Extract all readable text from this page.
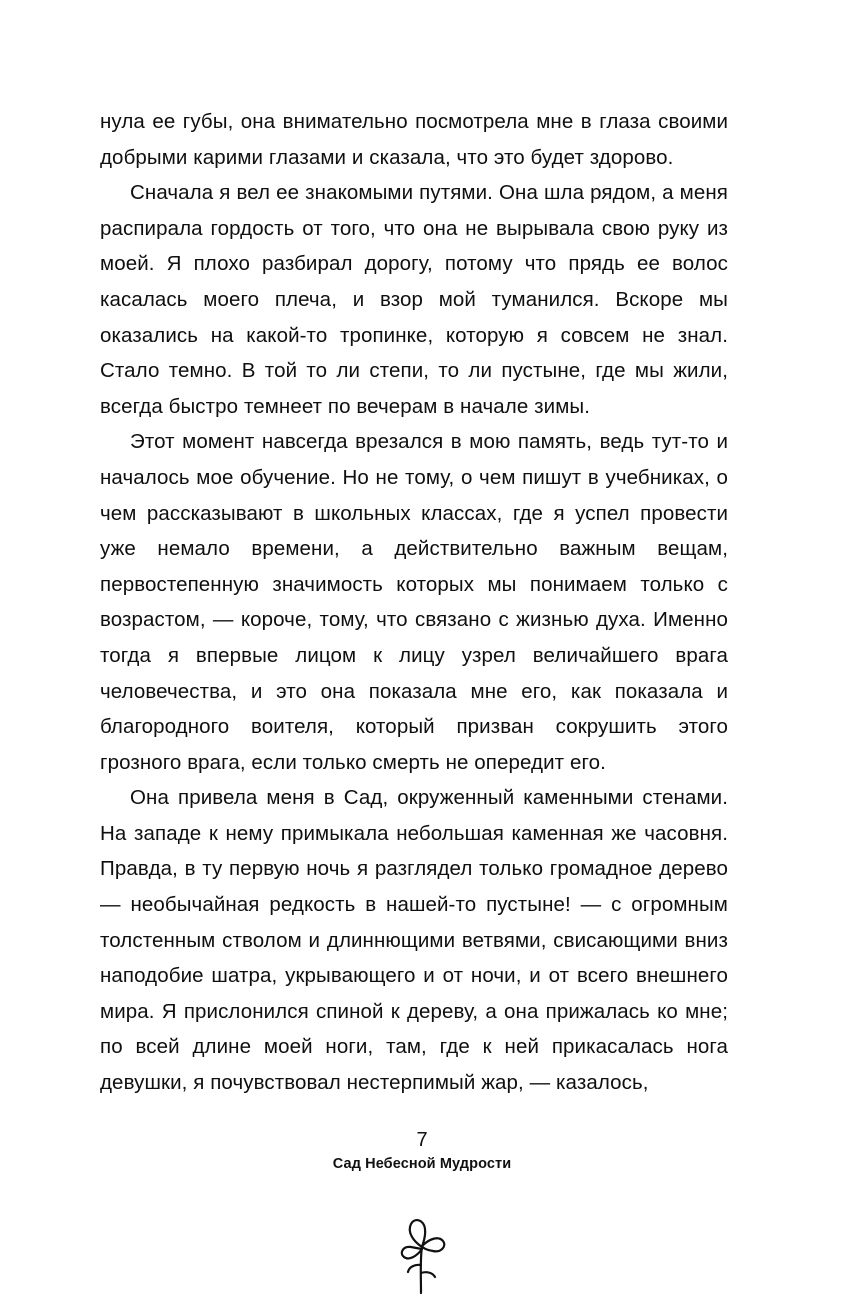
нула ее губы, она внимательно посмотрела мне в глаза своими добрыми карими глазами и сказала, что это будет здорово.

Сначала я вел ее знакомыми путями. Она шла рядом, а меня распирала гордость от того, что она не вырывала свою руку из моей. Я плохо разбирал дорогу, потому что прядь ее волос касалась моего плеча, и взор мой туманился. Вскоре мы оказались на какой-то тропинке, которую я совсем не знал. Стало темно. В той то ли степи, то ли пустыне, где мы жили, всегда быстро темнеет по вечерам в начале зимы.

Этот момент навсегда врезался в мою память, ведь тут-то и началось мое обучение. Но не тому, о чем пишут в учебниках, о чем рассказывают в школьных классах, где я успел провести уже немало времени, а действительно важным вещам, первостепенную значимость которых мы понимаем только с возрастом, — короче, тому, что связано с жизнью духа. Именно тогда я впервые лицом к лицу узрел величайшего врага человечества, и это она показала мне его, как показала и благородного воителя, который призван сокрушить этого грозного врага, если только смерть не опередит его.

Она привела меня в Сад, окруженный каменными стенами. На западе к нему примыкала небольшая каменная же часовня. Правда, в ту первую ночь я разглядел только громадное дерево — необычайная редкость в нашей-то пустыне! — с огромным толстенным стволом и длиннющими ветвями, свисающими вниз наподобие шатра, укрывающего и от ночи, и от всего внешнего мира. Я прислонился спиной к дереву, а она прижалась ко мне; по всей длине моей ноги, там, где к ней прикасалась нога девушки, я почувствовал нестерпимый жар, — казалось,

7
Сад Небесной Мудрости
